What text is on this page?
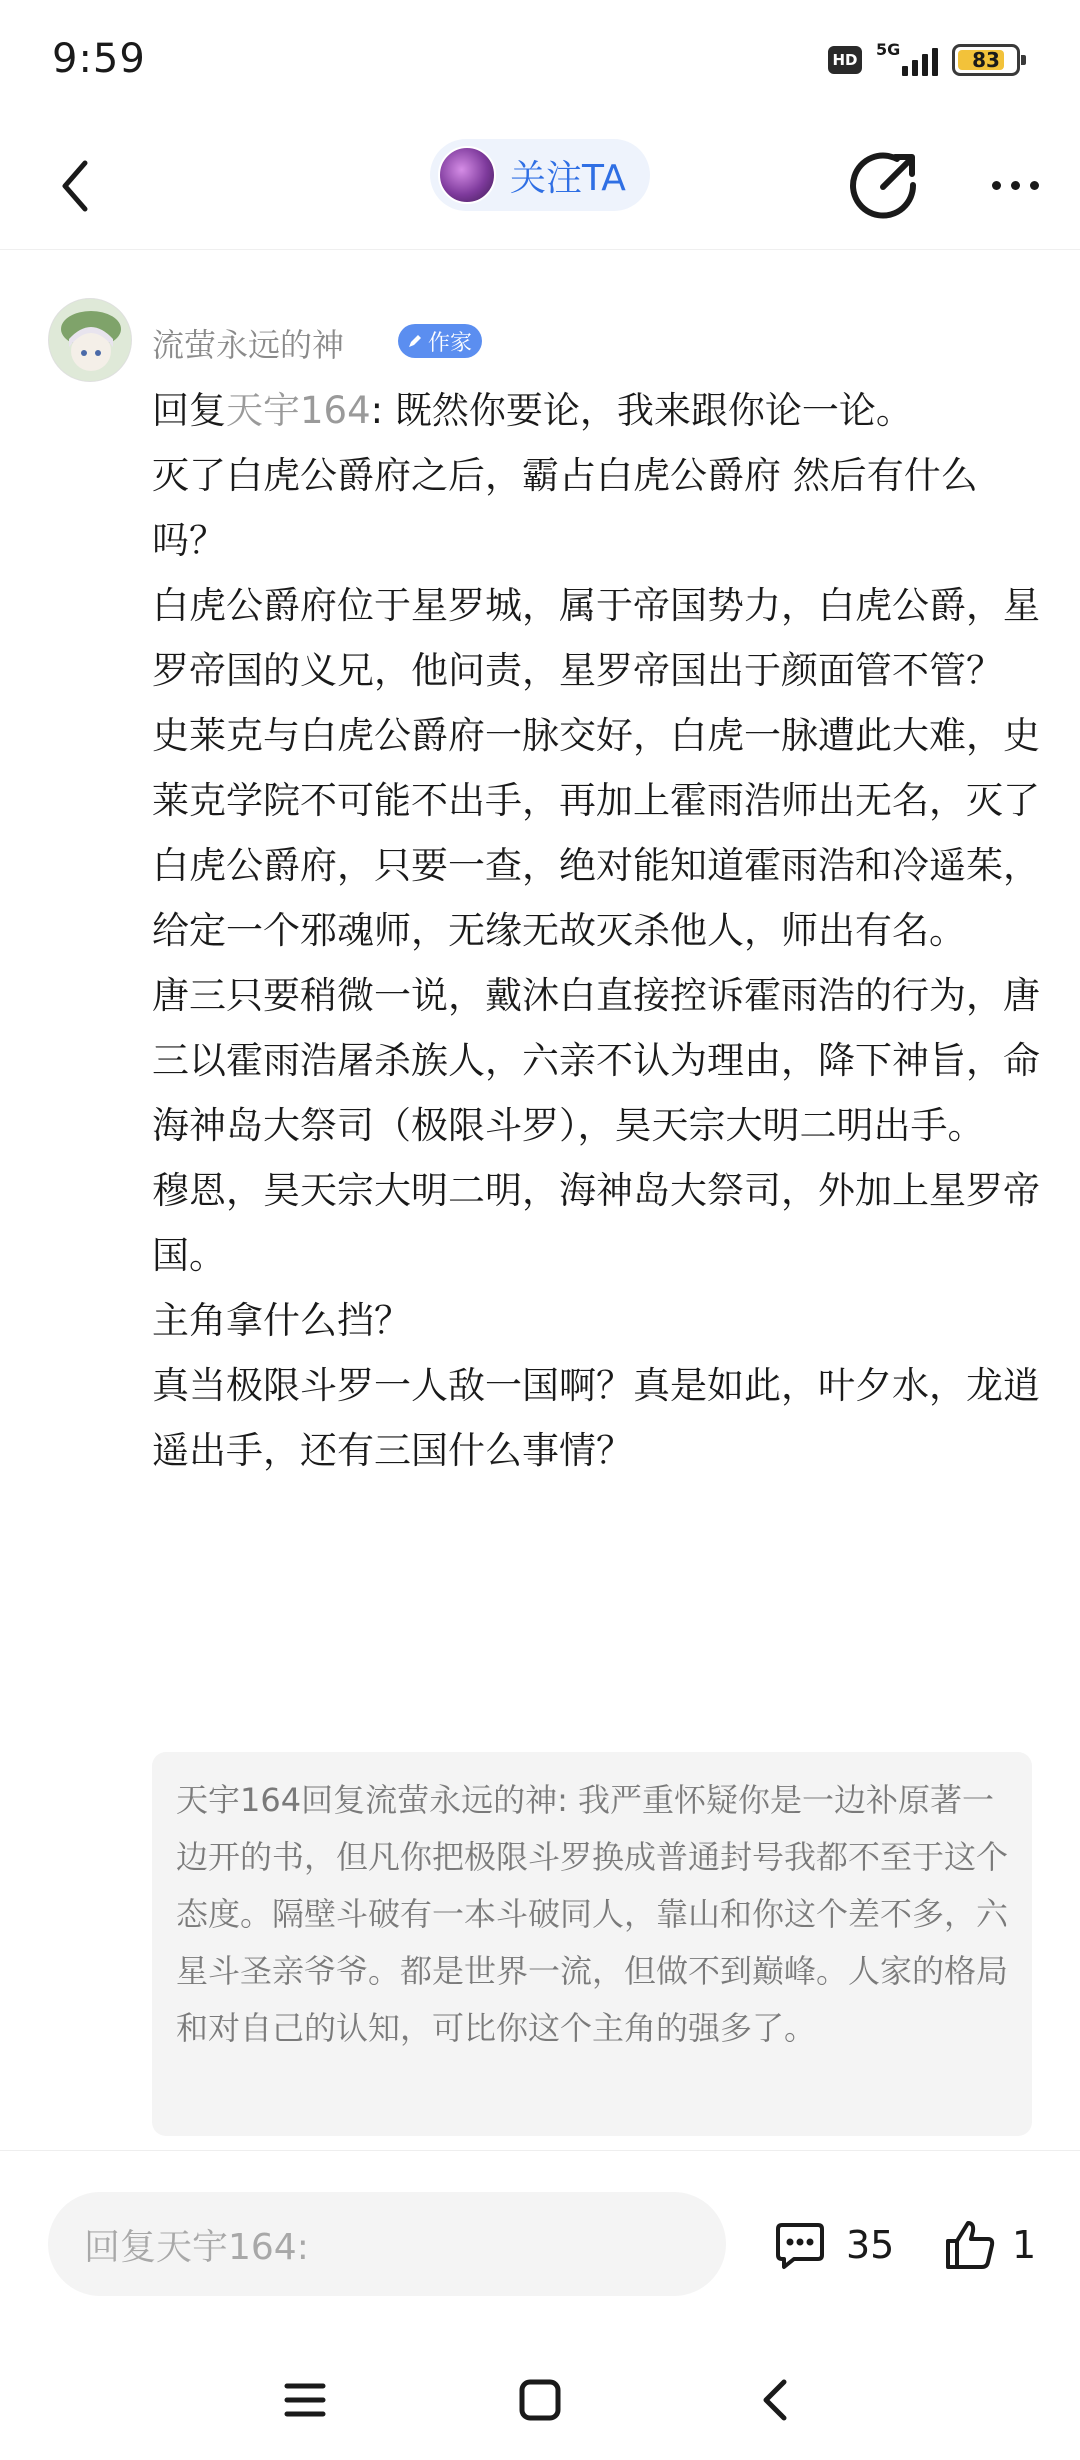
9:59	HD
5G	83
关注TA
流萤永远的神	作家

回复天宇164: 既然你要论，我来跟你论一论。

灭了白虎公爵府之后，霸占白虎公爵府 然后有什么吗？

白虎公爵府位于星罗城，属于帝国势力，白虎公爵，星罗帝国的义兄，他问责，星罗帝国出于颜面管不管？

史莱克与白虎公爵府一脉交好，白虎一脉遭此大难，史莱克学院不可能不出手，再加上霍雨浩师出无名，灭了白虎公爵府，只要一查，绝对能知道霍雨浩和冷遥茱，给定一个邪魂师，无缘无故灭杀他人，师出有名。

唐三只要稍微一说，戴沐白直接控诉霍雨浩的行为，唐三以霍雨浩屠杀族人，六亲不认为理由，降下神旨，命海神岛大祭司（极限斗罗），昊天宗大明二明出手。

穆恩，昊天宗大明二明，海神岛大祭司，外加上星罗帝国。

主角拿什么挡？

真当极限斗罗一人敌一国啊？真是如此，叶夕水，龙逍遥出手，还有三国什么事情？

天宇164回复流萤永远的神: 我严重怀疑你是一边补原著一边开的书，但凡你把极限斗罗换成普通封号我都不至于这个态度。隔壁斗破有一本斗破同人，靠山和你这个差不多，六星斗圣亲爷爷。都是世界一流，但做不到巅峰。人家的格局和对自己的认知，可比你这个主角的强多了。
回复天宇164:	35	1
